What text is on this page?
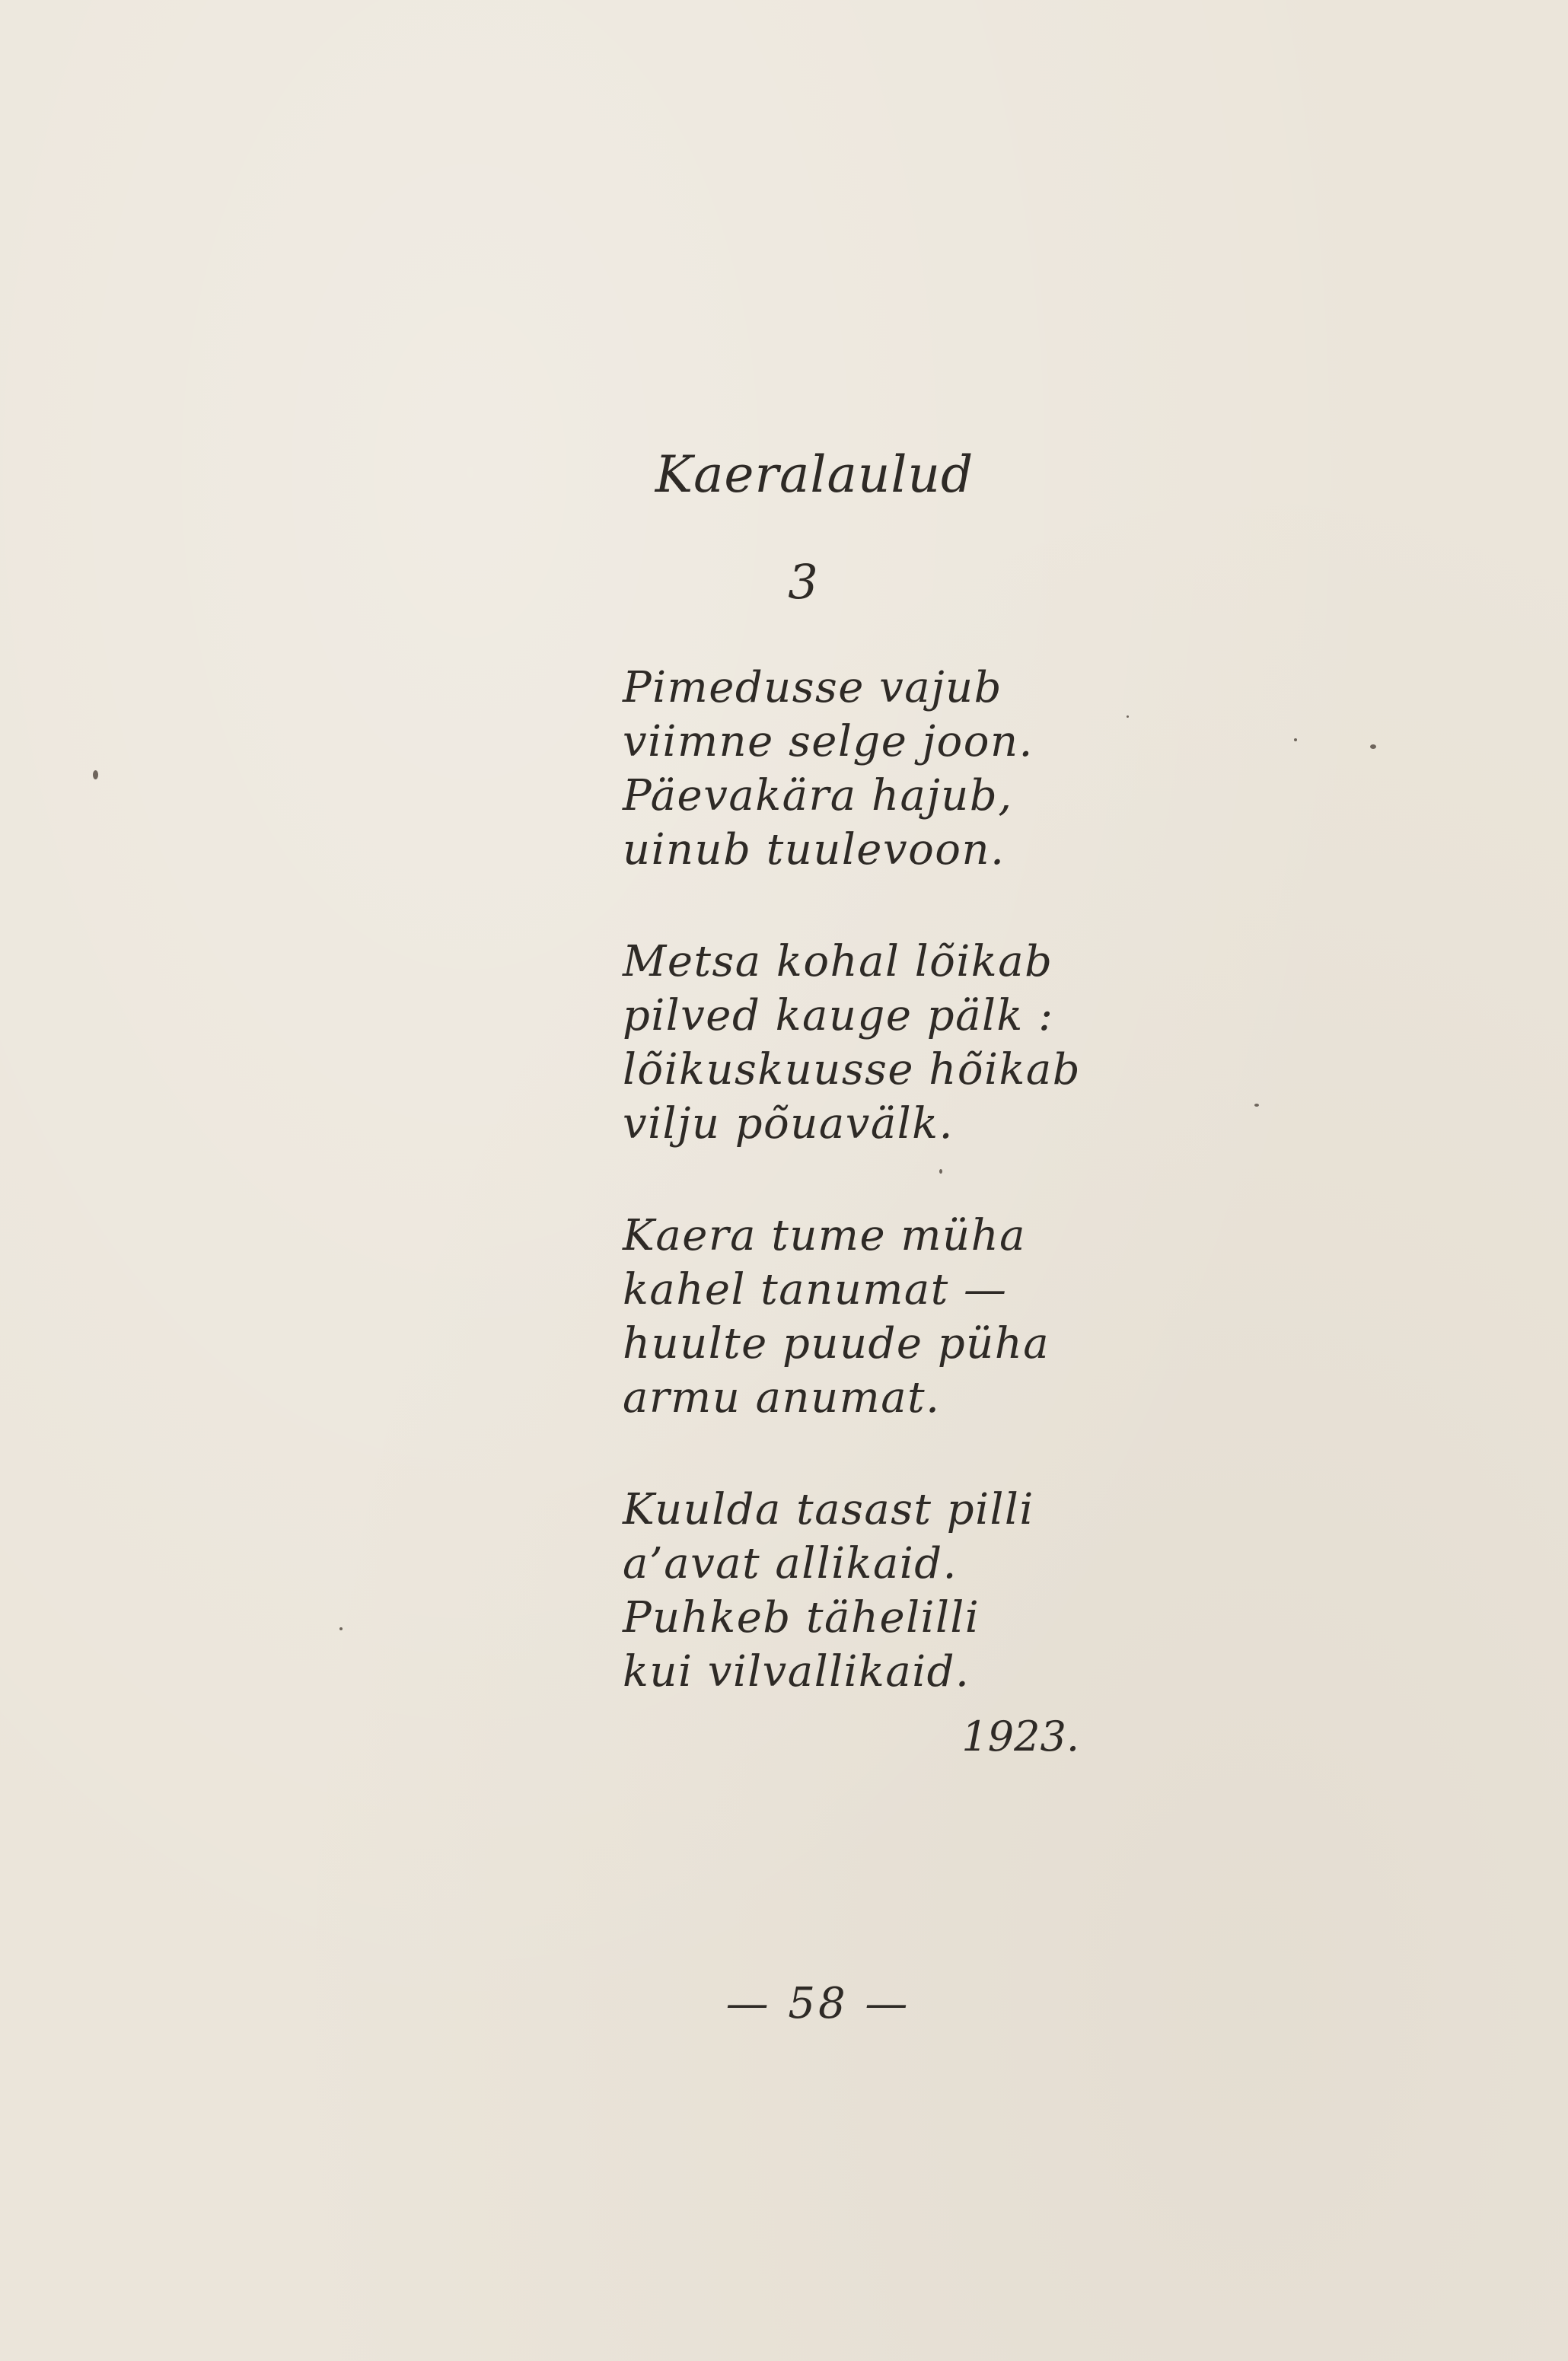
Kaeralaulud
3
Pimedusse vajub
viimne selge joon.
Päevakära hajub,
uinub tuulevoon.
Metsa kohal lõikab
pilved kauge pälk :
lõikuskuusse hõikab
vilju põuavälk.
Kaera tume müha
kahel tanumat —
huulte puude püha
armu anumat.
Kuulda tasast pilli
a’avat allikaid.
Puhkeb tähelilli
kui vilvallikaid.
1923.
— 58 —
